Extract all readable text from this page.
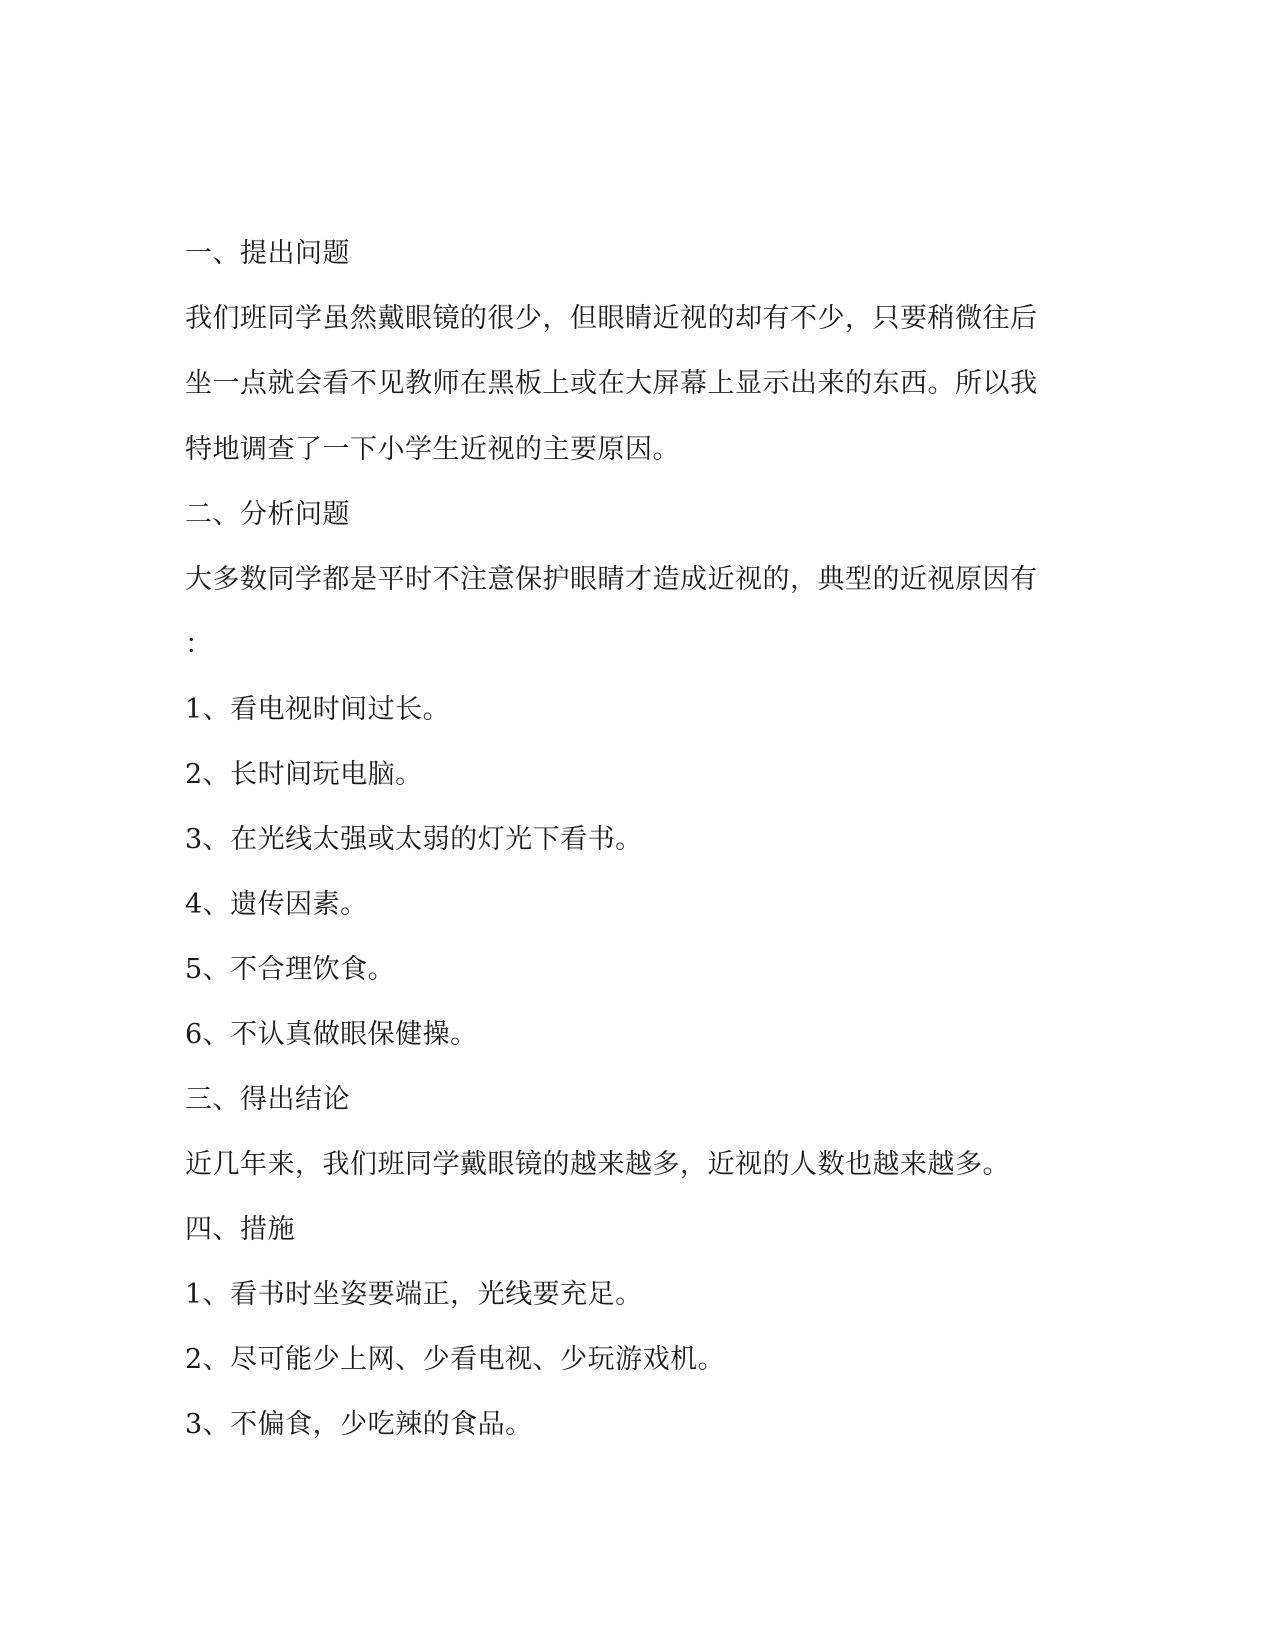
一、提出问题
我们班同学虽然戴眼镜的很少，但眼睛近视的却有不少，只要稍微往后
坐一点就会看不见教师在黑板上或在大屏幕上显示出来的东西。所以我
特地调查了一下小学生近视的主要原因。
二、分析问题
大多数同学都是平时不注意保护眼睛才造成近视的，典型的近视原因有
：
1、看电视时间过长。
2、长时间玩电脑。
3、在光线太强或太弱的灯光下看书。
4、遗传因素。
5、不合理饮食。
6、不认真做眼保健操。
三、得出结论
近几年来，我们班同学戴眼镜的越来越多，近视的人数也越来越多。
四、措施
1、看书时坐姿要端正，光线要充足。
2、尽可能少上网、少看电视、少玩游戏机。
3、不偏食，少吃辣的食品。
